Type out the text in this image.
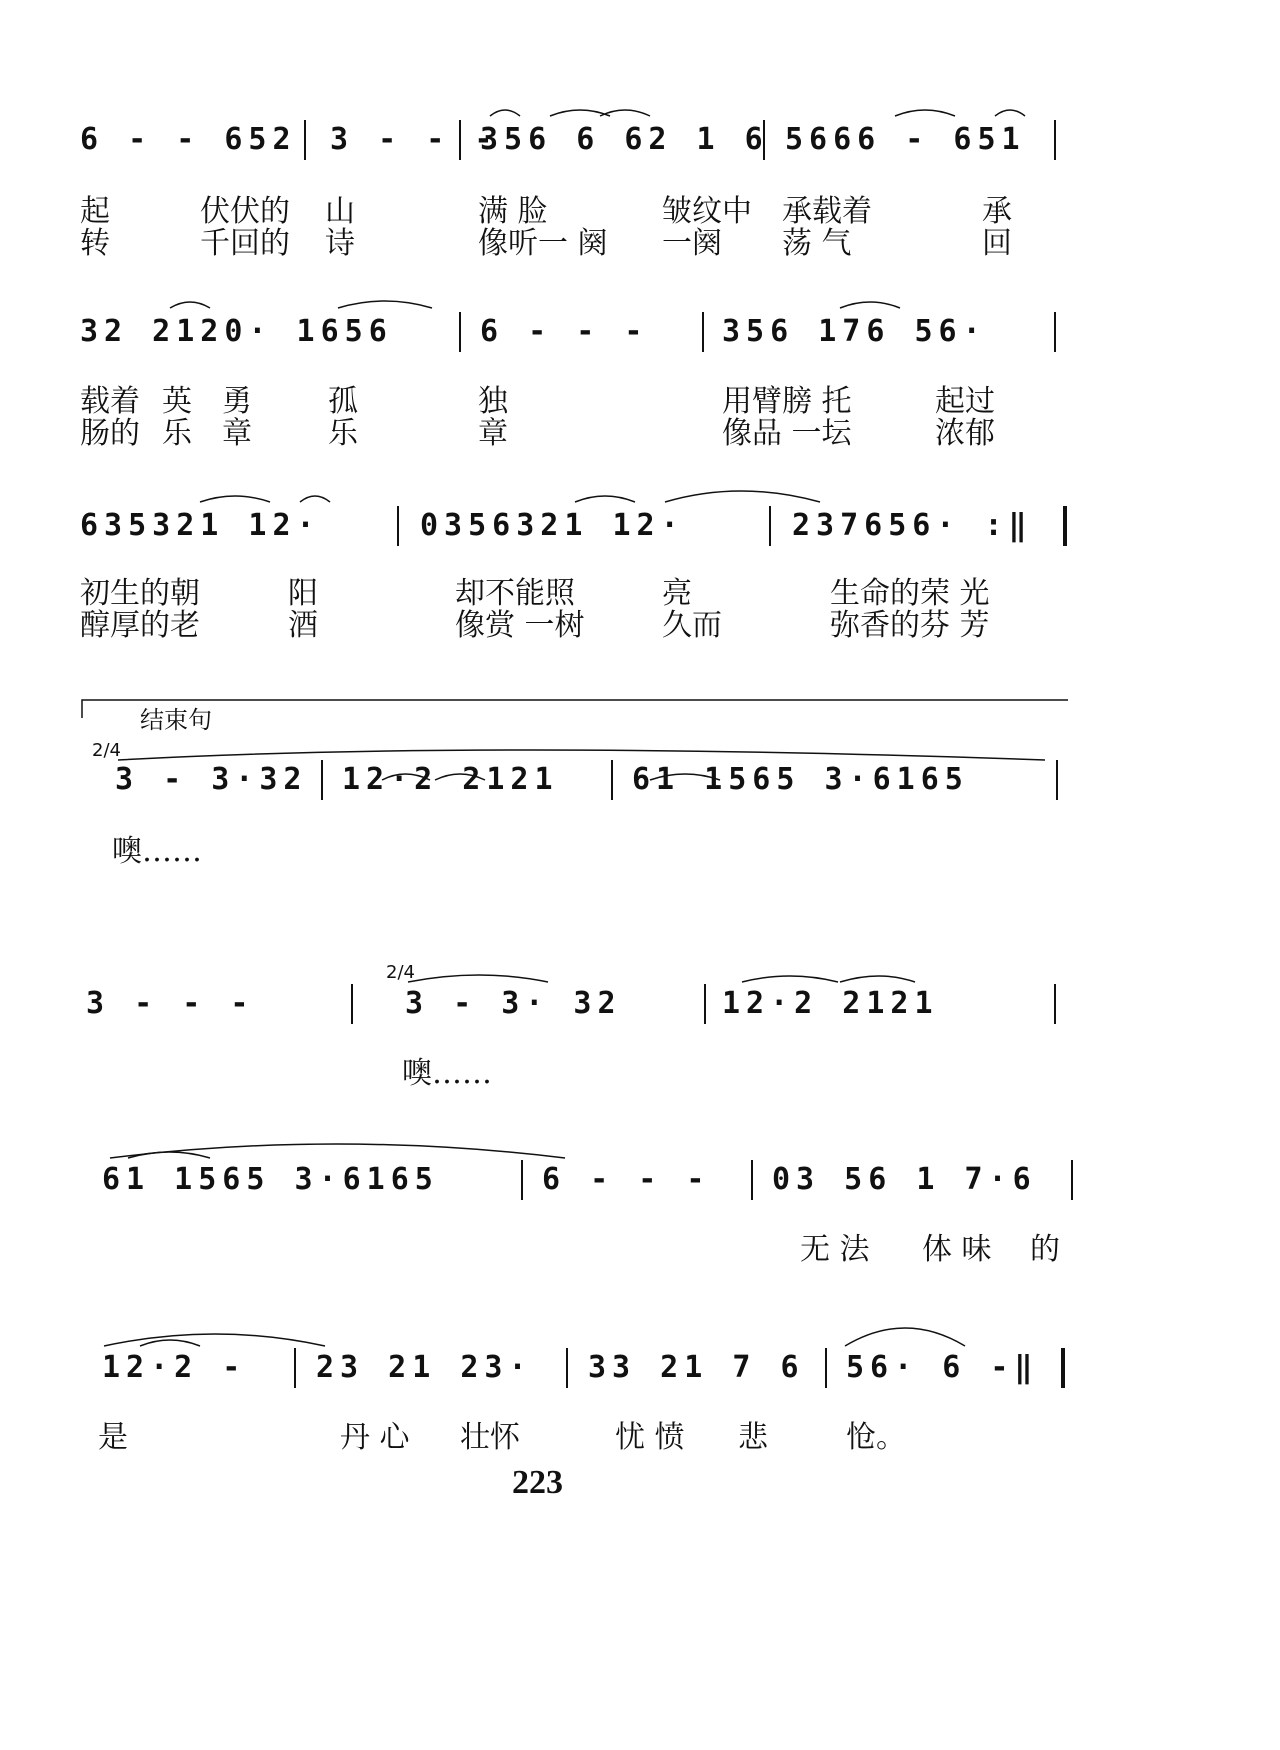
6 - - 652 3 - - -
356 6 62 1 6 5666 - 651
起	伏伏的 山	满 脸	皱纹中 承载着	承
转	千回的 诗	像听一 阕 一阕 荡 气	回
32 2120· 1656	6 - - - 356 176 56·
载着 英 勇	孤	独	用臂膀 托	起过
肠的 乐 章	乐	章	像品 一坛	浓郁
635321 12·	0356321 12·	237656· :‖
初生的朝	阳	却不能照	亮	生命的荣 光
醇厚的老	酒	像赏 一树	久而	弥香的芬 芳
结束句
2/4
3 - 3·32 12·2 2121 61 1565 3·6165
噢……
3 - - -
2/4
3 - 3· 32	12·2 2121
噢……
61 1565 3·6165	6 - - - 03 56 1 7·6
无 法 体 味 的
12·2 - 23 21 23· 33 21 7 6 56· 6 -‖
是	丹 心 壮怀	忧 愤 悲	怆。
223
